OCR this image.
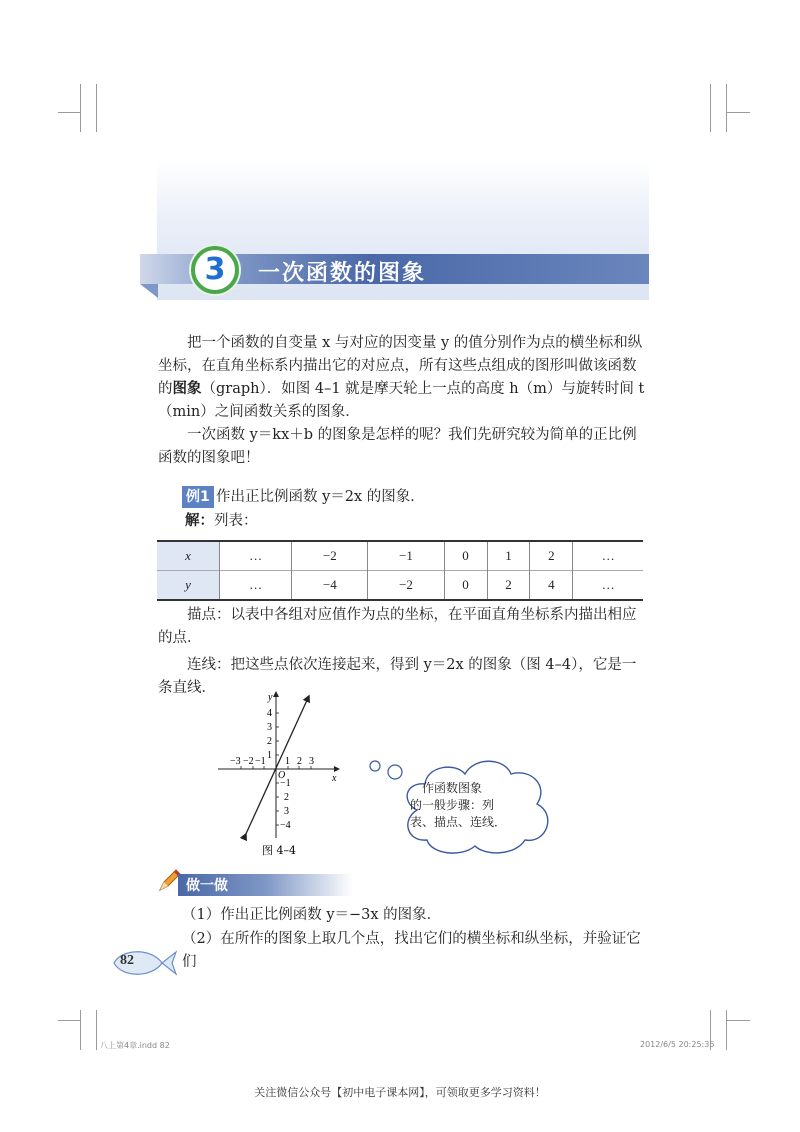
3	一次函数的图象
把一个函数的自变量 x 与对应的因变量 y 的值分别作为点的横坐标和纵坐标，在直角坐标系内描出它的对应点，所有这些点组成的图形叫做该函数的图象（graph）．如图 4–1 就是摩天轮上一点的高度 h（m）与旋转时间 t（min）之间函数关系的图象．
一次函数 y＝kx＋b 的图象是怎样的呢？我们先研究较为简单的正比例函数的图象吧！
例1 作出正比例函数 y＝2x 的图象．
解：列表：
x	…	−2	−1	0	1	2	…
y	…	−4	−2	0	2	4	…
描点：以表中各组对应值作为点的坐标，在平面直角坐标系内描出相应的点．
连线：把这些点依次连接起来，得到 y＝2x 的图象（图 4–4），它是一条直线．
y
x
O
−3 −2 −1 1 2 3
4
3
2
1
−1
2
3
−4
图 4–4
作函数图象
的一般步骤：列
表、描点、连线．
做一做
（1）作出正比例函数 y＝−3x 的图象．
（2）在所作的图象上取几个点，找出它们的横坐标和纵坐标，并验证它们
82
八上第4章.indd 82	2012/6/5 20:25:35
关注微信公众号【初中电子课本网】，可领取更多学习资料！
